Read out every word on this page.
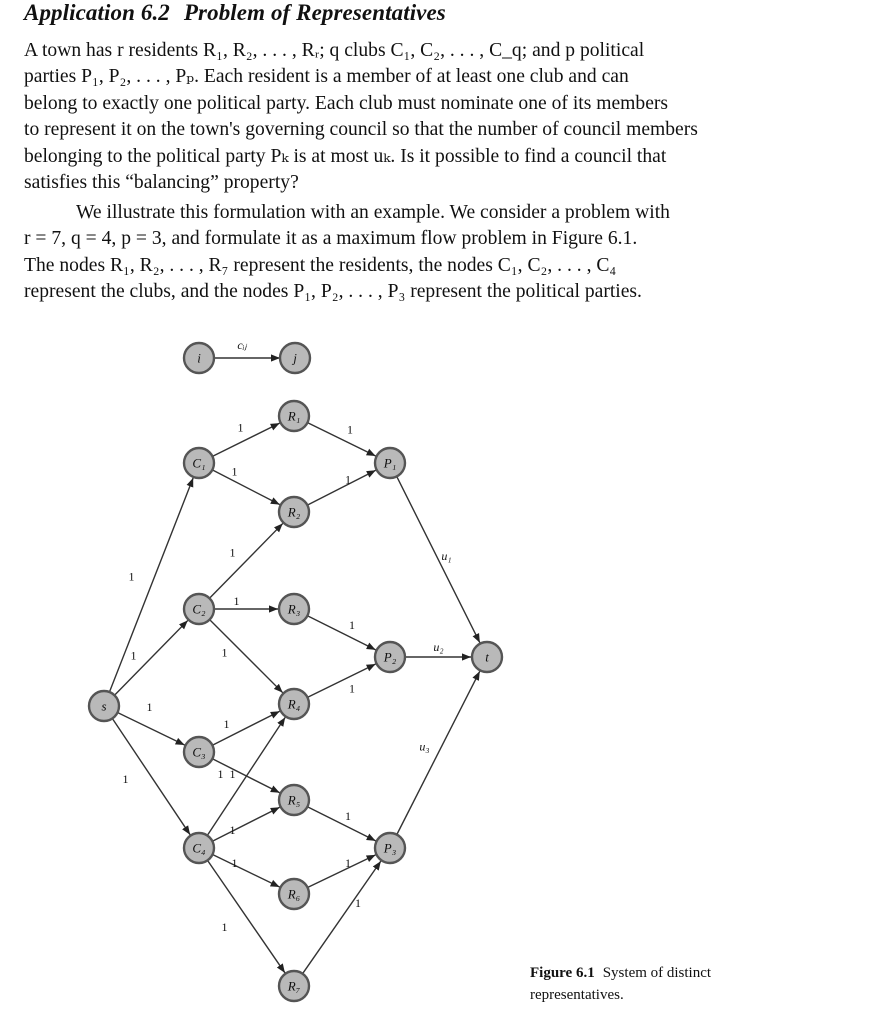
Application 6.2 Problem of Representatives
A town has r residents R₁, R₂, . . . , Rᵣ; q clubs C₁, C₂, . . . , C_q; and p political
parties P₁, P₂, . . . , Pₚ. Each resident is a member of at least one club and can
belong to exactly one political party. Each club must nominate one of its members
to represent it on the town's governing council so that the number of council members
belonging to the political party Pₖ is at most uₖ. Is it possible to find a council that
satisfies this “balancing” property?
We illustrate this formulation with an example. We consider a problem with
r = 7, q = 4, p = 3, and formulate it as a maximum flow problem in Figure 6.1.
The nodes R₁, R₂, . . . , R₇ represent the residents, the nodes C₁, C₂, . . . , C₄
represent the clubs, and the nodes P₁, P₂, . . . , P₃ represent the political parties.
cᵢⱼ
1
1
1
1
1
1
1
1
1
1
1 1
1
1
1
1
1
1
1
1
1
1
u₁
u₂
u₃
i	j
s
C₁
C₂
C₃
C₄
R₁
R₂
R₃
R₄
R₅
R₆
R₇
P₁
P₂
P₃
t
Figure 6.1 System of distinct
representatives.
